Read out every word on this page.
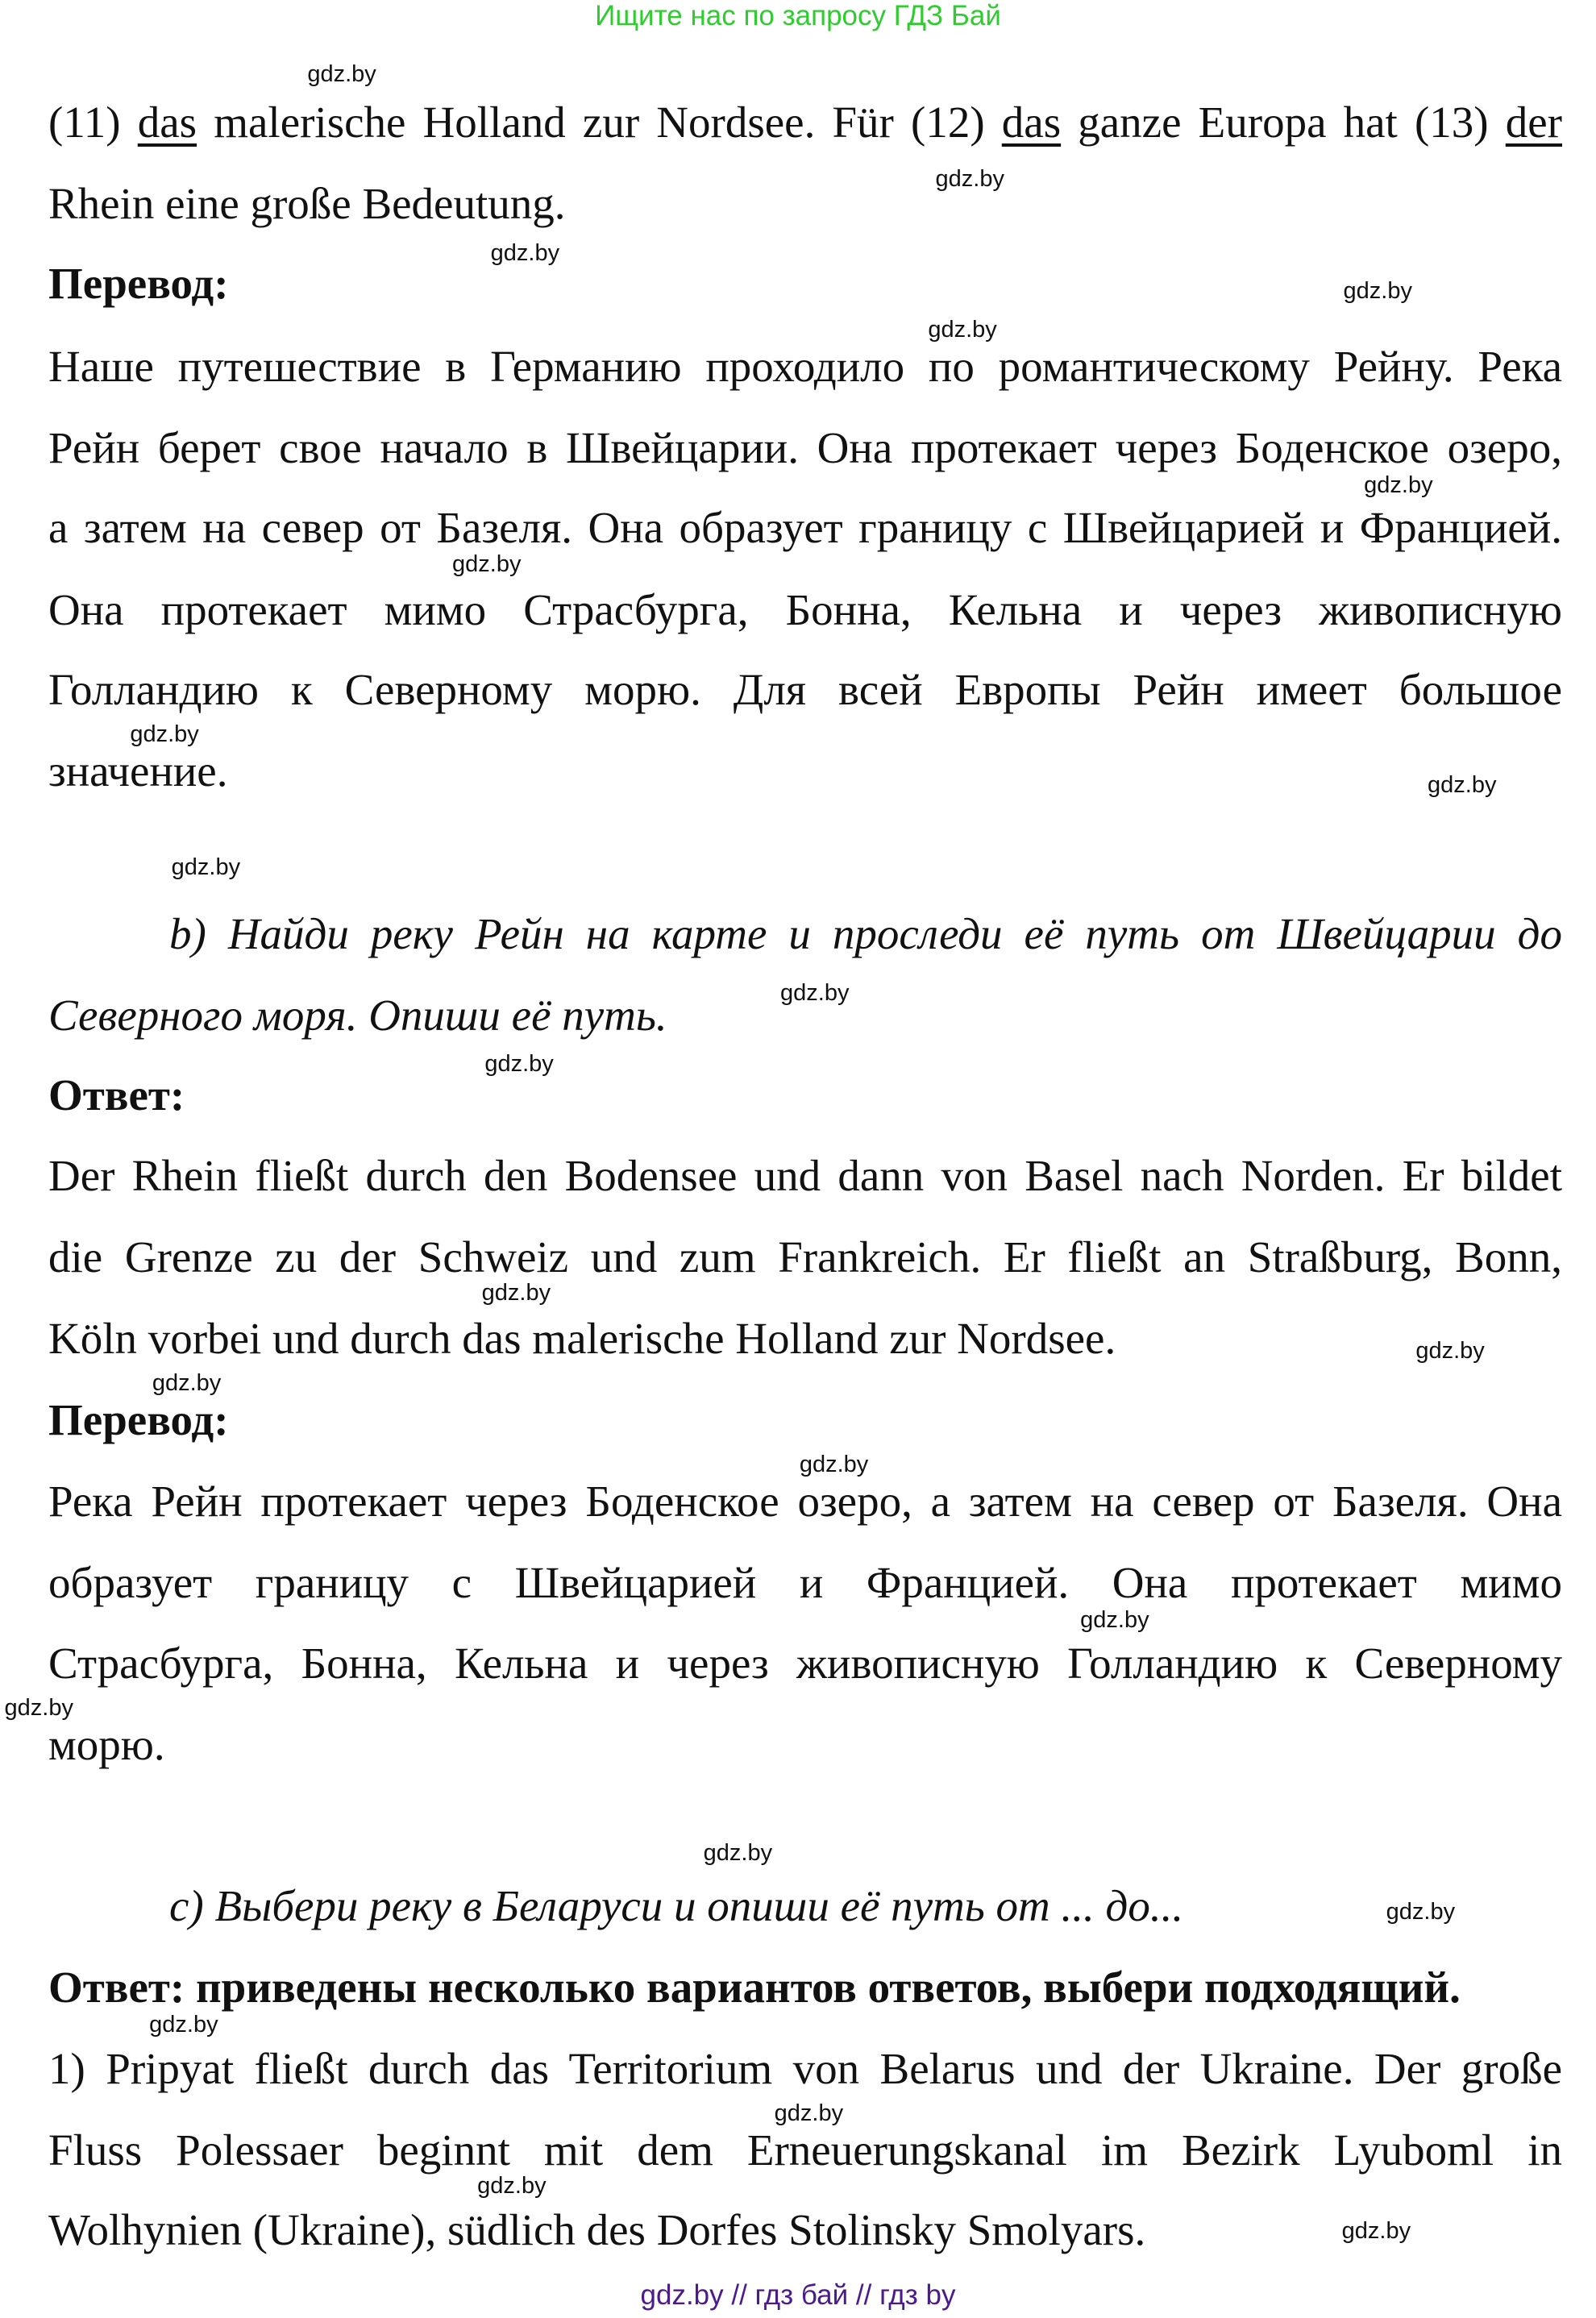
Ищите нас по запросу ГДЗ Бай
(11) das malerische Holland zur Nordsee. Für (12) das ganze Europa hat (13) der
Rhein eine große Bedeutung.
Перевод:
Наше путешествие в Германию проходило по романтическому Рейну. Река
Рейн берет свое начало в Швейцарии. Она протекает через Боденское озеро,
а затем на север от Базеля. Она образует границу с Швейцарией и Францией.
Она протекает мимо Страсбурга, Бонна, Кельна и через живописную
Голландию к Северному морю. Для всей Европы Рейн имеет большое
значение.
b) Найди реку Рейн на карте и проследи её путь от Швейцарии до
Северного моря. Опиши её путь.
Ответ:
Der Rhein fließt durch den Bodensee und dann von Basel nach Norden. Er bildet
die Grenze zu der Schweiz und zum Frankreich. Er fließt an Straßburg, Bonn,
Köln vorbei und durch das malerische Holland zur Nordsee.
Перевод:
Река Рейн протекает через Боденское озеро, а затем на север от Базеля. Она
образует границу с Швейцарией и Францией. Она протекает мимо
Страсбурга, Бонна, Кельна и через живописную Голландию к Северному
морю.
c) Выбери реку в Беларуси и опиши её путь от ... до...
Ответ: приведены несколько вариантов ответов, выбери подходящий.
1) Pripyat fließt durch das Territorium von Belarus und der Ukraine. Der große
Fluss Polessaer beginnt mit dem Erneuerungskanal im Bezirk Lyuboml in
Wolhynien (Ukraine), südlich des Dorfes Stolinsky Smolyars.
gdz.by // гдз бай // гдз by
gdz.by
gdz.by
gdz.by
gdz.by
gdz.by
gdz.by
gdz.by
gdz.by
gdz.by
gdz.by
gdz.by
gdz.by
gdz.by
gdz.by
gdz.by
gdz.by
gdz.by
gdz.by
gdz.by
gdz.by
gdz.by
gdz.by
gdz.by
gdz.by
